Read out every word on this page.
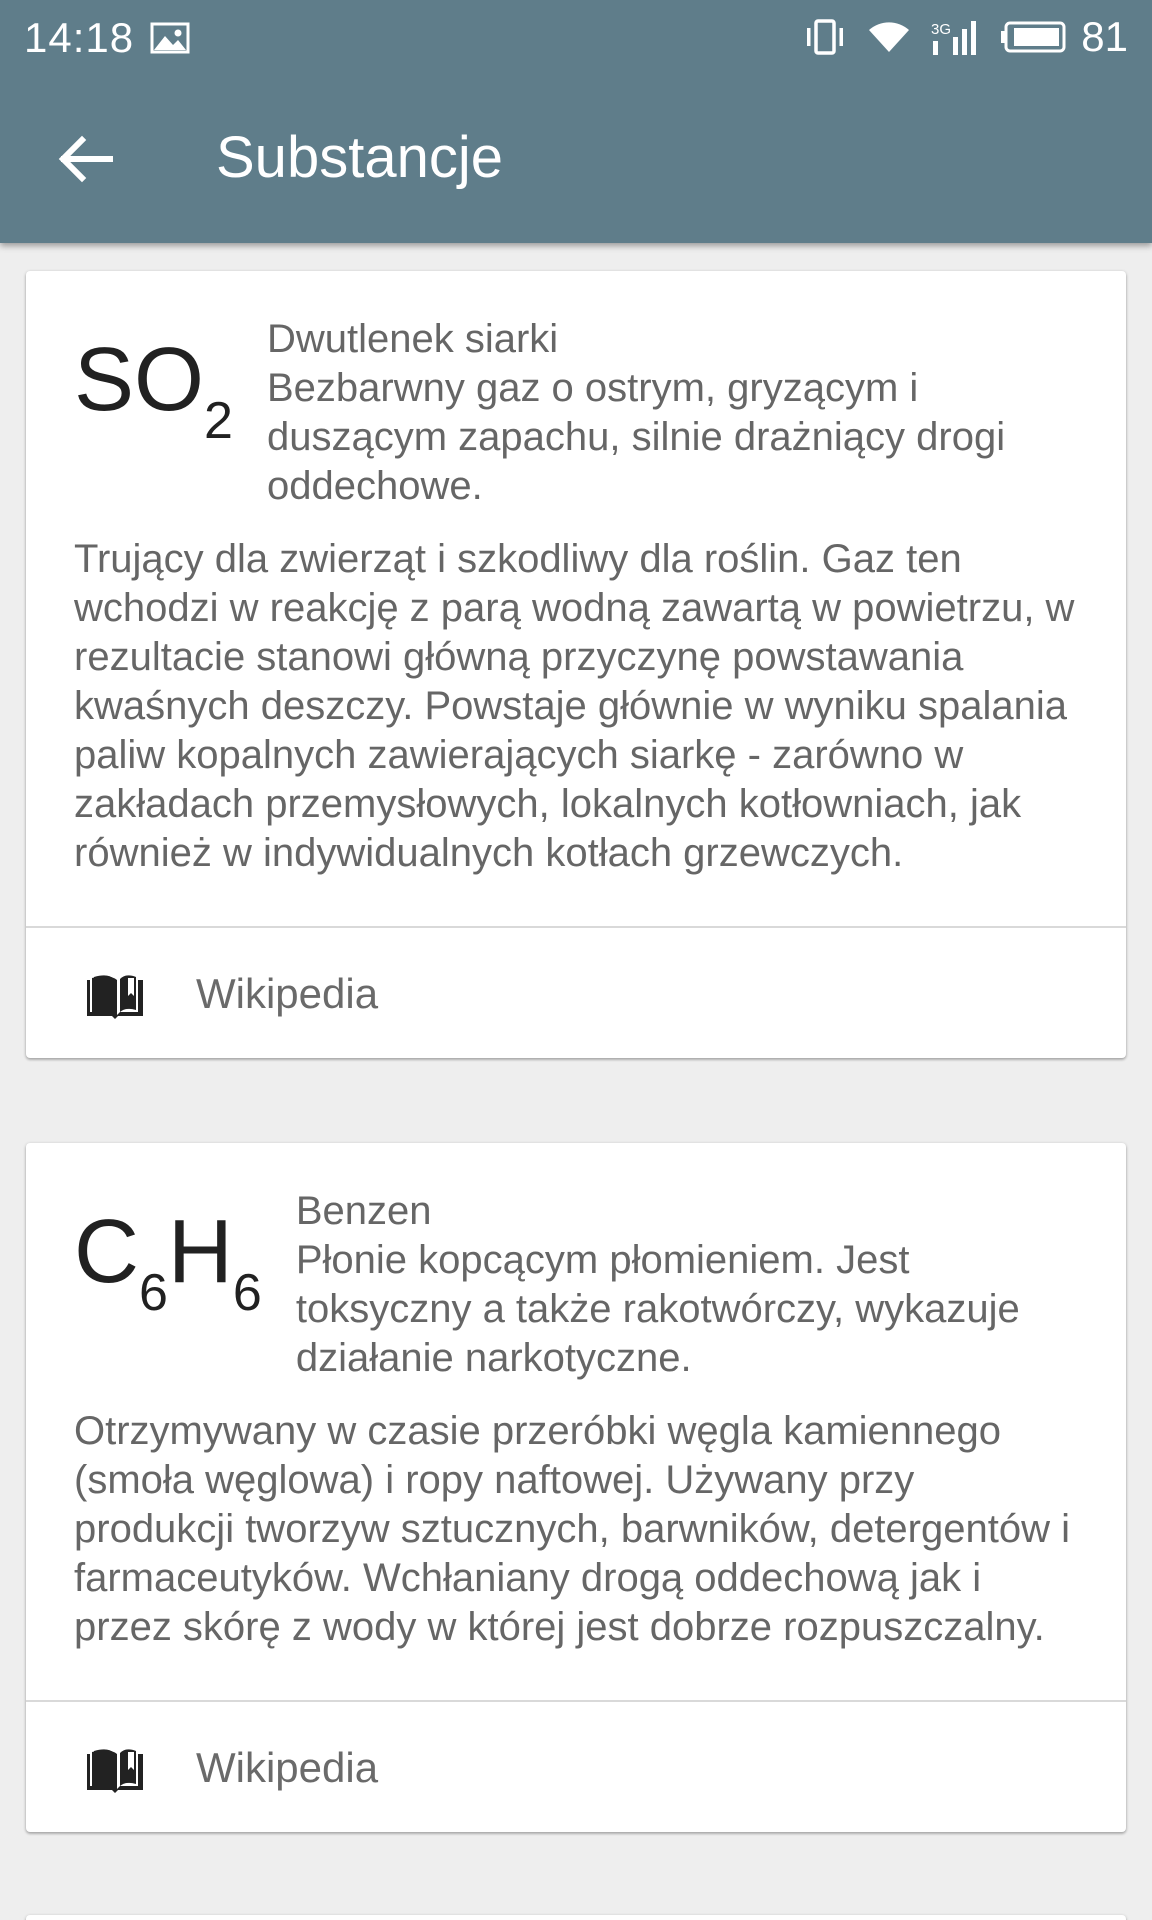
14:18	3G	81
Substancje
$SO_2$
Dwutlenek siarki
Bezbarwny gaz o ostrym, gryzącym i duszącym zapachu, silnie drażniący drogi oddechowe.
Trujący dla zwierząt i szkodliwy dla roślin. Gaz ten wchodzi w reakcję z parą wodną zawartą w powietrzu, w rezultacie stanowi główną przyczynę powstawania kwaśnych deszczy. Powstaje głównie w wyniku spalania paliw kopalnych zawierających siarkę - zarówno w zakładach przemysłowych, lokalnych kotłowniach, jak również w indywidualnych kotłach grzewczych.
Wikipedia
$C_6H_6$
Benzen
Płonie kopcącym płomieniem. Jest toksyczny a także rakotwórczy, wykazuje działanie narkotyczne.
Otrzymywany w czasie przeróbki węgla kamiennego (smoła węglowa) i ropy naftowej. Używany przy produkcji tworzyw sztucznych, barwników, detergentów i farmaceutyków. Wchłaniany drogą oddechową jak i przez skórę z wody w której jest dobrze rozpuszczalny.
Wikipedia
